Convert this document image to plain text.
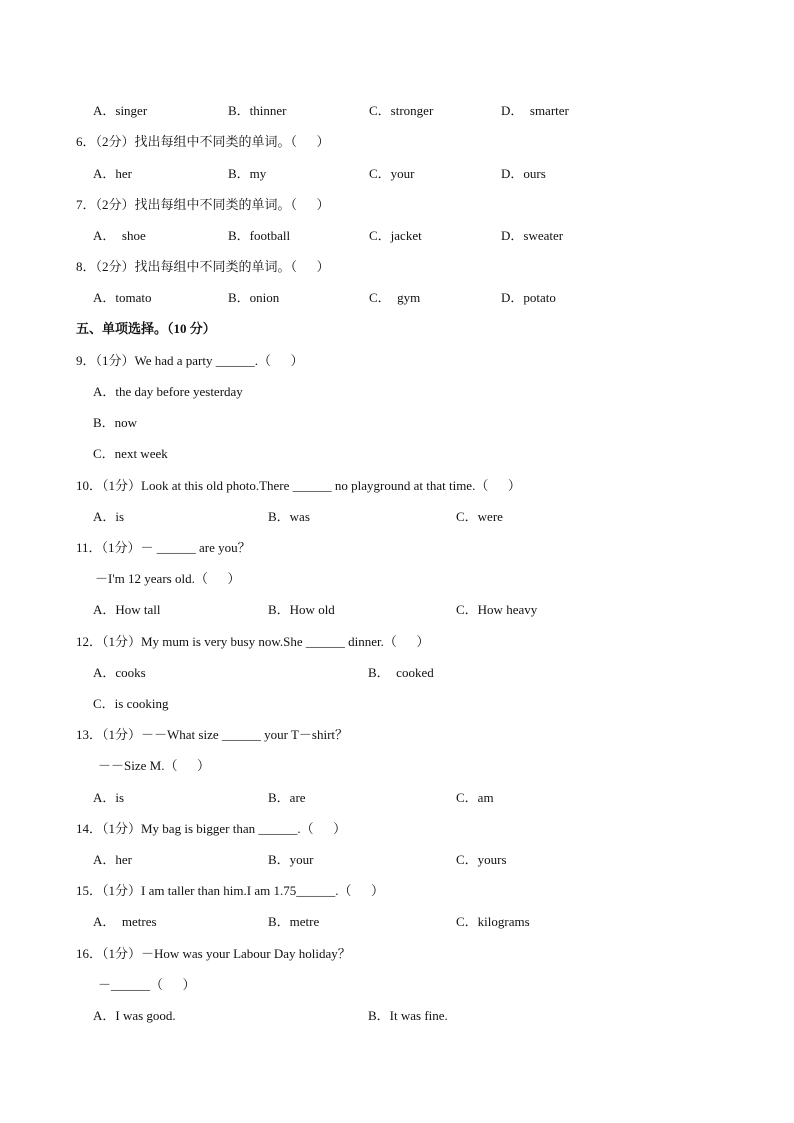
A．singer	B．thinner	C．stronger	D．  smarter
6．（2分）找出每组中不同类的单词。（      ）
A．her	B．my	C．your	D．ours
7．（2分）找出每组中不同类的单词。（      ）
A．  shoe	B．football	C．jacket	D．sweater
8．（2分）找出每组中不同类的单词。（      ）
A．tomato	B．onion	C．  gym	D．potato
五、单项选择。（10 分）
9．（1分）We had a party ______.（      ）
A．the day before yesterday
B．now
C．next week
10．（1分）Look at this old photo.There ______ no playground at that time.（      ）
A．is	B．was	C．were
11．（1分）－ ______ are you？
－I'm 12 years old.（      ）
A．How tall	B．How old	C．How heavy
12．（1分）My mum is very busy now.She ______ dinner.（      ）
A．cooks	B．  cooked
C．is cooking
13．（1分）－－What size ______ your T－shirt？
－－Size M.（      ）
A．is	B．are	C．am
14．（1分）My bag is bigger than ______.（      ）
A．her	B．your	C．yours
15．（1分）I am taller than him.I am 1.75______.（      ）
A．  metres	B．metre	C．kilograms
16．（1分）－How was your Labour Day holiday？
－______（      ）
A．I was good.	B．It was fine.
